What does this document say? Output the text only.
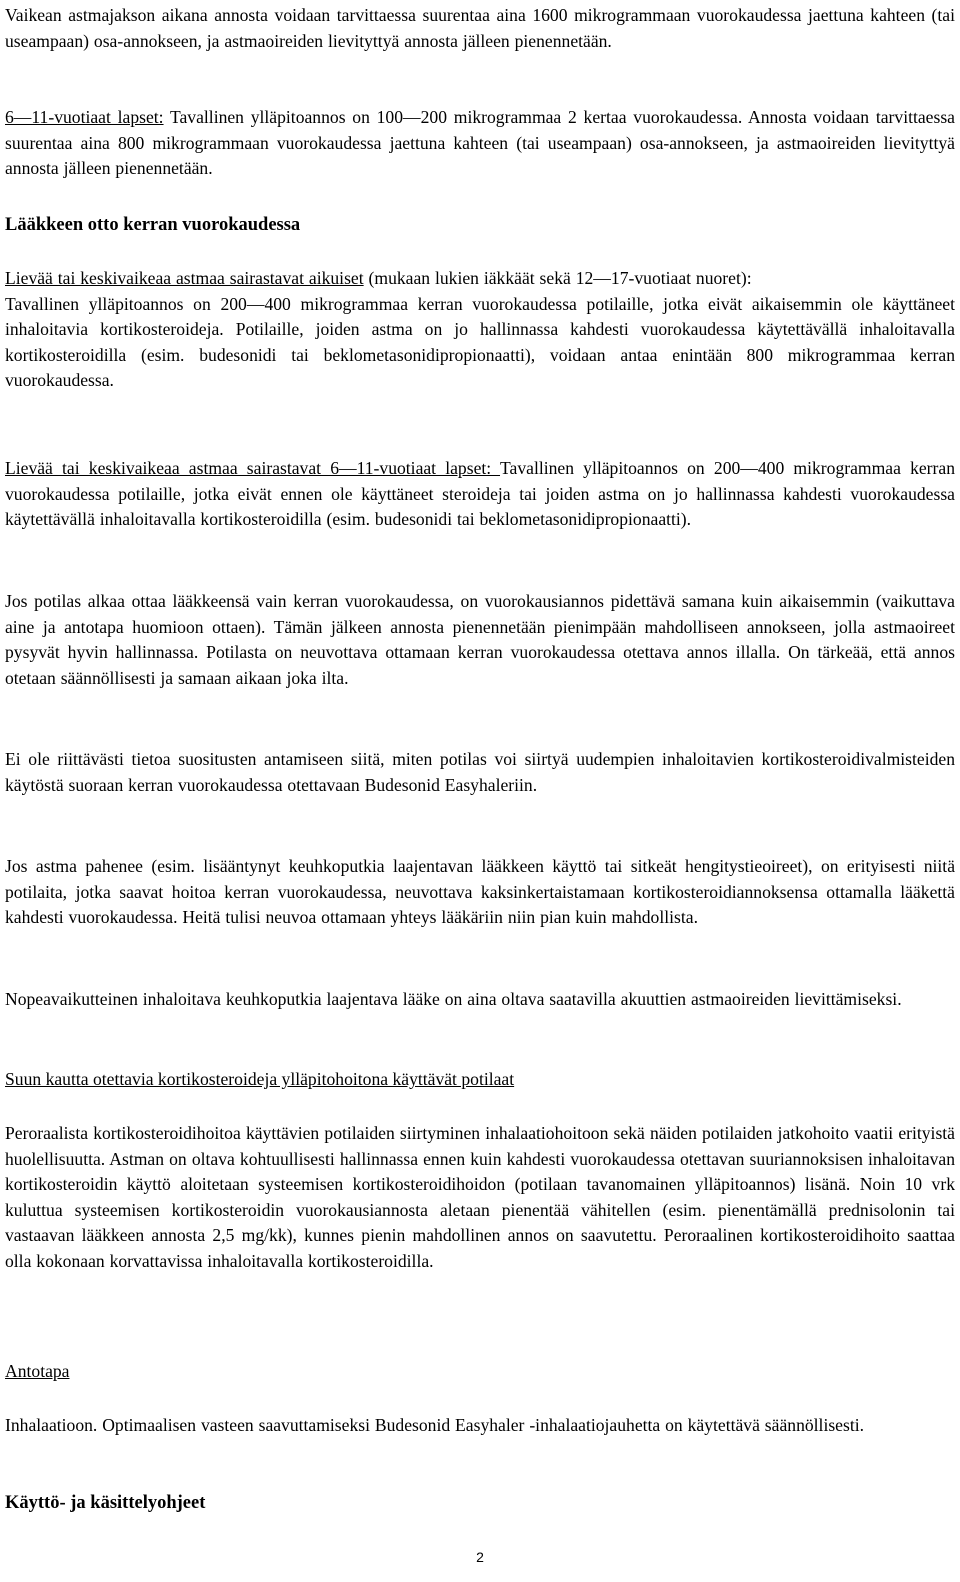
Vaikean astmajakson aikana annosta voidaan tarvittaessa suurentaa aina 1600 mikrogrammaan vuorokaudessa jaettuna kahteen (tai useampaan) osa-annokseen, ja astmaoireiden lievityttyä annosta jälleen pienennetään.

6—11-vuotiaat lapset: Tavallinen ylläpitoannos on 100—200 mikrogrammaa 2 kertaa vuorokaudessa. Annosta voidaan tarvittaessa suurentaa aina 800 mikrogrammaan vuorokaudessa jaettuna kahteen (tai useampaan) osa-annokseen, ja astmaoireiden lievityttyä annosta jälleen pienennetään.

Lääkkeen otto kerran vuorokaudessa

Lievää tai keskivaikeaa astmaa sairastavat aikuiset (mukaan lukien iäkkäät sekä 12—17-vuotiaat nuoret):
Tavallinen ylläpitoannos on 200—400 mikrogrammaa kerran vuorokaudessa potilaille, jotka eivät aikaisemmin ole käyttäneet inhaloitavia kortikosteroideja. Potilaille, joiden astma on jo hallinnassa kahdesti vuorokaudessa käytettävällä inhaloitavalla kortikosteroidilla (esim. budesonidi tai beklometasonidipropionaatti), voidaan antaa enintään 800 mikrogrammaa kerran vuorokaudessa.

Lievää tai keskivaikeaa astmaa sairastavat 6—11-vuotiaat lapset: Tavallinen ylläpitoannos on 200—400 mikrogrammaa kerran vuorokaudessa potilaille, jotka eivät ennen ole käyttäneet steroideja tai joiden astma on jo hallinnassa kahdesti vuorokaudessa käytettävällä inhaloitavalla kortikosteroidilla (esim. budesonidi tai beklometasonidipropionaatti).

Jos potilas alkaa ottaa lääkkeensä vain kerran vuorokaudessa, on vuorokausiannos pidettävä samana kuin aikaisemmin (vaikuttava aine ja antotapa huomioon ottaen). Tämän jälkeen annosta pienennetään pienimpään mahdolliseen annokseen, jolla astmaoireet pysyvät hyvin hallinnassa. Potilasta on neuvottava ottamaan kerran vuorokaudessa otettava annos illalla. On tärkeää, että annos otetaan säännöllisesti ja samaan aikaan joka ilta.

Ei ole riittävästi tietoa suositusten antamiseen siitä, miten potilas voi siirtyä uudempien inhaloitavien kortikosteroidivalmisteiden käytöstä suoraan kerran vuorokaudessa otettavaan Budesonid Easyhaleriin.

Jos astma pahenee (esim. lisääntynyt keuhkoputkia laajentavan lääkkeen käyttö tai sitkeät hengitystieoireet), on erityisesti niitä potilaita, jotka saavat hoitoa kerran vuorokaudessa, neuvottava kaksinkertaistamaan kortikosteroidiannoksensa ottamalla lääkettä kahdesti vuorokaudessa. Heitä tulisi neuvoa ottamaan yhteys lääkäriin niin pian kuin mahdollista.

Nopeavaikutteinen inhaloitava keuhkoputkia laajentava lääke on aina oltava saatavilla akuuttien astmaoireiden lievittämiseksi.

Suun kautta otettavia kortikosteroideja ylläpitohoitona käyttävät potilaat

Peroraalista kortikosteroidihoitoa käyttävien potilaiden siirtyminen inhalaatiohoitoon sekä näiden potilaiden jatkohoito vaatii erityistä huolellisuutta. Astman on oltava kohtuullisesti hallinnassa ennen kuin kahdesti vuorokaudessa otettavan suuriannoksisen inhaloitavan kortikosteroidin käyttö aloitetaan systeemisen kortikosteroidihoidon (potilaan tavanomainen ylläpitoannos) lisänä. Noin 10 vrk kuluttua systeemisen kortikosteroidin vuorokausiannosta aletaan pienentää vähitellen (esim. pienentämällä prednisolonin tai vastaavan lääkkeen annosta 2,5 mg/kk), kunnes pienin mahdollinen annos on saavutettu. Peroraalinen kortikosteroidihoito saattaa olla kokonaan korvattavissa inhaloitavalla kortikosteroidilla.

Antotapa

Inhalaatioon. Optimaalisen vasteen saavuttamiseksi Budesonid Easyhaler -inhalaatiojauhetta on käytettävä säännöllisesti.

Käyttö- ja käsittelyohjeet

2
